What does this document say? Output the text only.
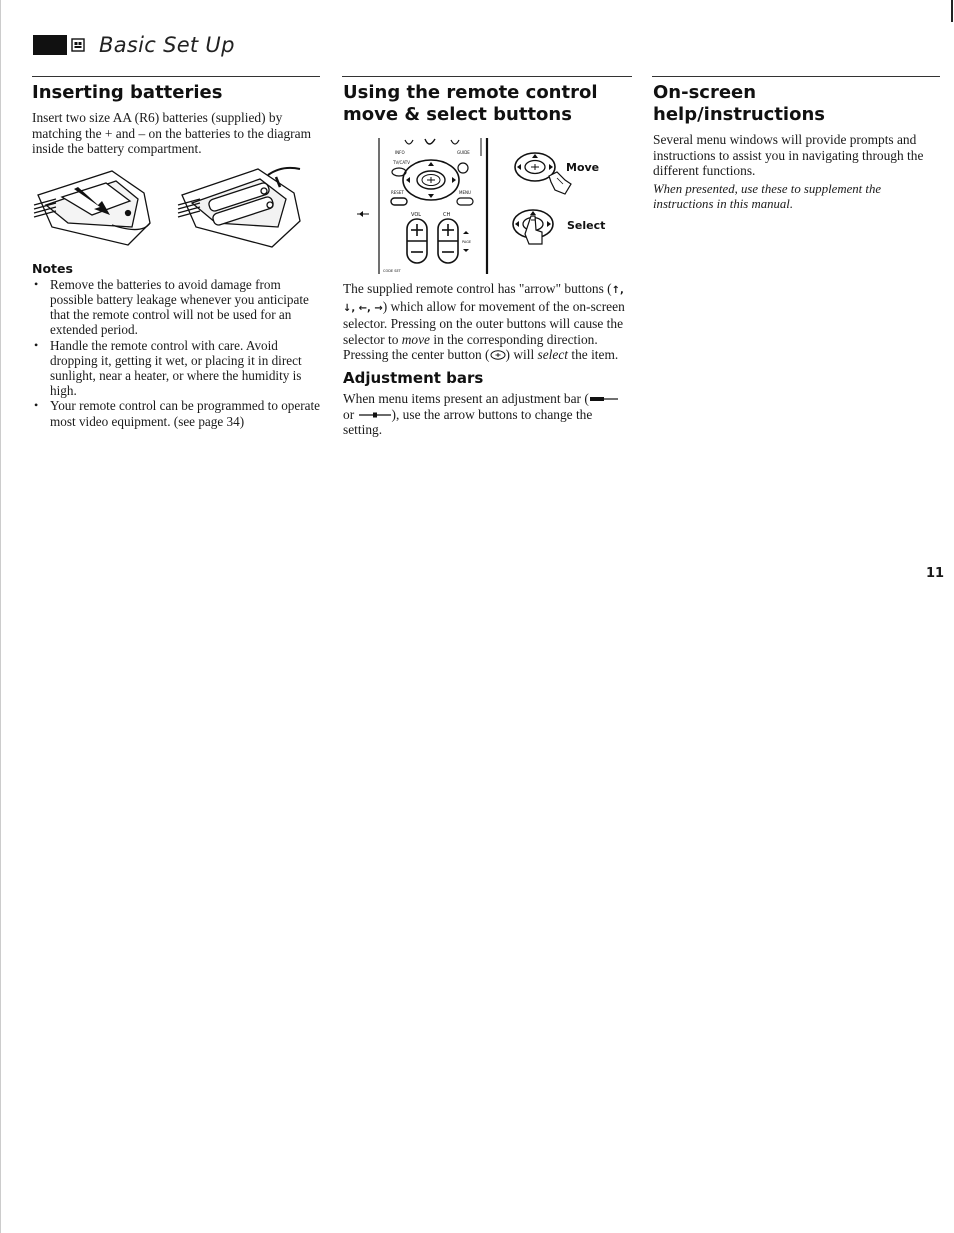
Basic Set Up
Inserting batteries

Insert two size AA (R6) batteries (supplied) by matching the + and – on the batteries to the diagram inside the battery compartment.

Notes
• Remove the batteries to avoid damage from possible battery leakage whenever you anticipate that the remote control will not be used for an extended period.
• Handle the remote control with care. Avoid dropping it, getting it wet, or placing it in direct sunlight, near a heater, or where the humidity is high.
• Your remote control can be programmed to operate most video equipment. (see page 34)
Using the remote control
move & select buttons
INFO	GUIDE
TV/CATV
RESET	MENU
VOL	CH
PAGE
CODE SET
Move
Select

The supplied remote control has "arrow" buttons (↑, ↓, ←, →) which allow for movement of the on-screen selector. Pressing on the outer buttons will cause the selector to move in the corresponding direction. Pressing the center button ( ) will select the item.

Adjustment bars

When menu items present an adjustment bar ( or	), use the arrow buttons to change the setting.

On-screen help/instructions

Several menu windows will provide prompts and instructions to assist you in navigating through the different functions.

When presented, use these to supplement the instructions in this manual.

11
